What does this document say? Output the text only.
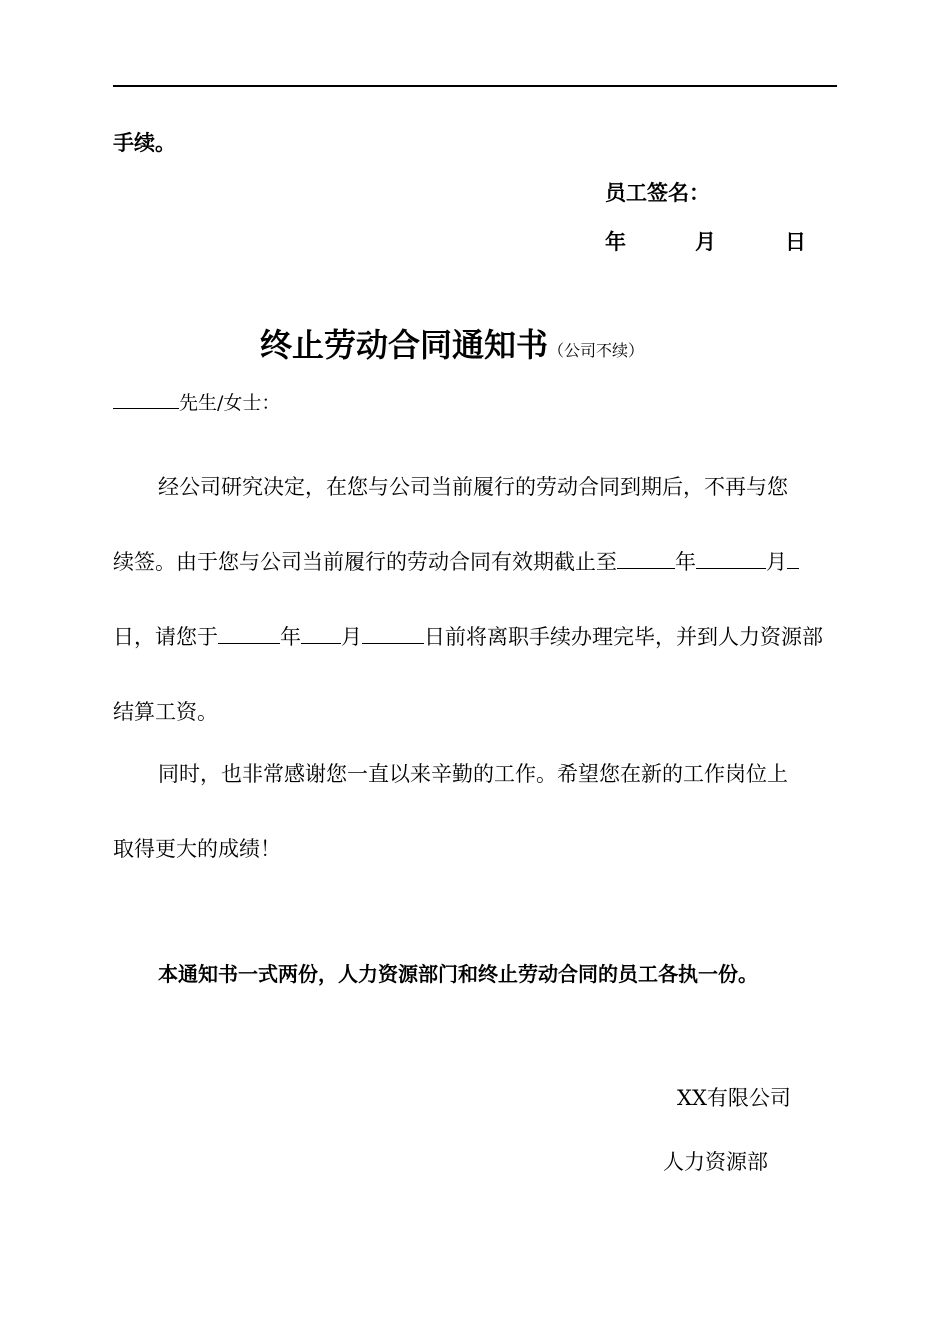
手续。
员工签名：
年	月	日
终止劳动合同通知书（公司不续）
先生/女士：
经公司研究决定，在您与公司当前履行的劳动合同到期后，不再与您
续签。由于您与公司当前履行的劳动合同有效期截止至	年	月
日，请您于	年 月	日前将离职手续办理完毕，并到人力资源部
结算工资。
同时，也非常感谢您一直以来辛勤的工作。希望您在新的工作岗位上
取得更大的成绩！
本通知书一式两份，人力资源部门和终止劳动合同的员工各执一份。
XX有限公司
人力资源部
